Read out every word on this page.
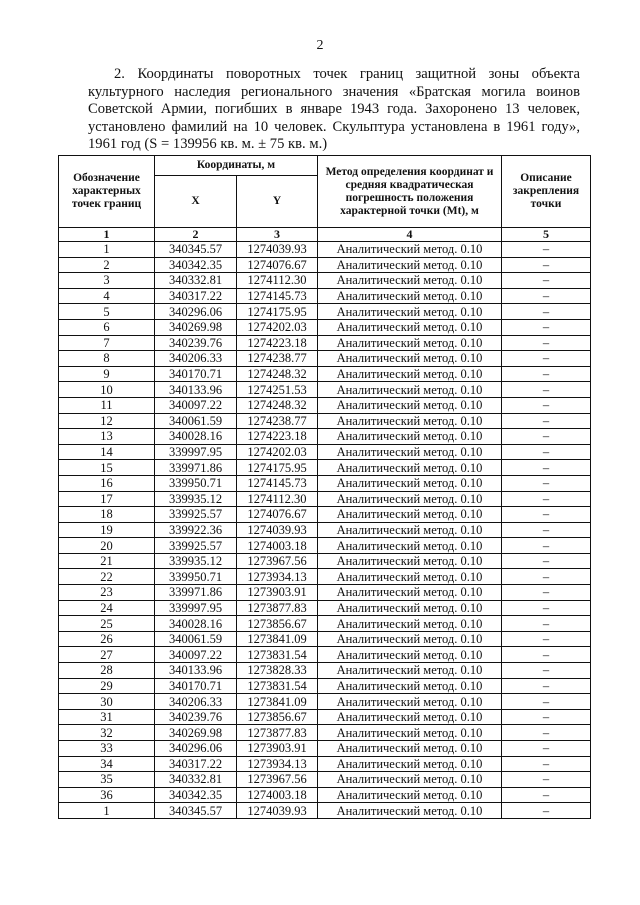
2
2. Координаты поворотных точек границ защитной зоны объекта
культурного наследия регионального значения «Братская могила воинов
Советской Армии, погибших в январе 1943 года. Захоронено 13 человек,
установлено фамилий на 10 человек. Скульптура установлена в 1961 году»,
1961 год (S = 139956 кв. м. ± 75 кв. м.)
Обозначение характерных точек границ	Координаты, м		Метод определения координат и средняя квадратическая погрешность положения характерной точки (Mt), м	Описание закрепления точки
	X	Y		
1	2	3	4	5
1	340345.57	1274039.93	Аналитический метод. 0.10	–
2	340342.35	1274076.67	Аналитический метод. 0.10	–
3	340332.81	1274112.30	Аналитический метод. 0.10	–
4	340317.22	1274145.73	Аналитический метод. 0.10	–
5	340296.06	1274175.95	Аналитический метод. 0.10	–
6	340269.98	1274202.03	Аналитический метод. 0.10	–
7	340239.76	1274223.18	Аналитический метод. 0.10	–
8	340206.33	1274238.77	Аналитический метод. 0.10	–
9	340170.71	1274248.32	Аналитический метод. 0.10	–
10	340133.96	1274251.53	Аналитический метод. 0.10	–
11	340097.22	1274248.32	Аналитический метод. 0.10	–
12	340061.59	1274238.77	Аналитический метод. 0.10	–
13	340028.16	1274223.18	Аналитический метод. 0.10	–
14	339997.95	1274202.03	Аналитический метод. 0.10	–
15	339971.86	1274175.95	Аналитический метод. 0.10	–
16	339950.71	1274145.73	Аналитический метод. 0.10	–
17	339935.12	1274112.30	Аналитический метод. 0.10	–
18	339925.57	1274076.67	Аналитический метод. 0.10	–
19	339922.36	1274039.93	Аналитический метод. 0.10	–
20	339925.57	1274003.18	Аналитический метод. 0.10	–
21	339935.12	1273967.56	Аналитический метод. 0.10	–
22	339950.71	1273934.13	Аналитический метод. 0.10	–
23	339971.86	1273903.91	Аналитический метод. 0.10	–
24	339997.95	1273877.83	Аналитический метод. 0.10	–
25	340028.16	1273856.67	Аналитический метод. 0.10	–
26	340061.59	1273841.09	Аналитический метод. 0.10	–
27	340097.22	1273831.54	Аналитический метод. 0.10	–
28	340133.96	1273828.33	Аналитический метод. 0.10	–
29	340170.71	1273831.54	Аналитический метод. 0.10	–
30	340206.33	1273841.09	Аналитический метод. 0.10	–
31	340239.76	1273856.67	Аналитический метод. 0.10	–
32	340269.98	1273877.83	Аналитический метод. 0.10	–
33	340296.06	1273903.91	Аналитический метод. 0.10	–
34	340317.22	1273934.13	Аналитический метод. 0.10	–
35	340332.81	1273967.56	Аналитический метод. 0.10	–
36	340342.35	1274003.18	Аналитический метод. 0.10	–
1	340345.57	1274039.93	Аналитический метод. 0.10	–
